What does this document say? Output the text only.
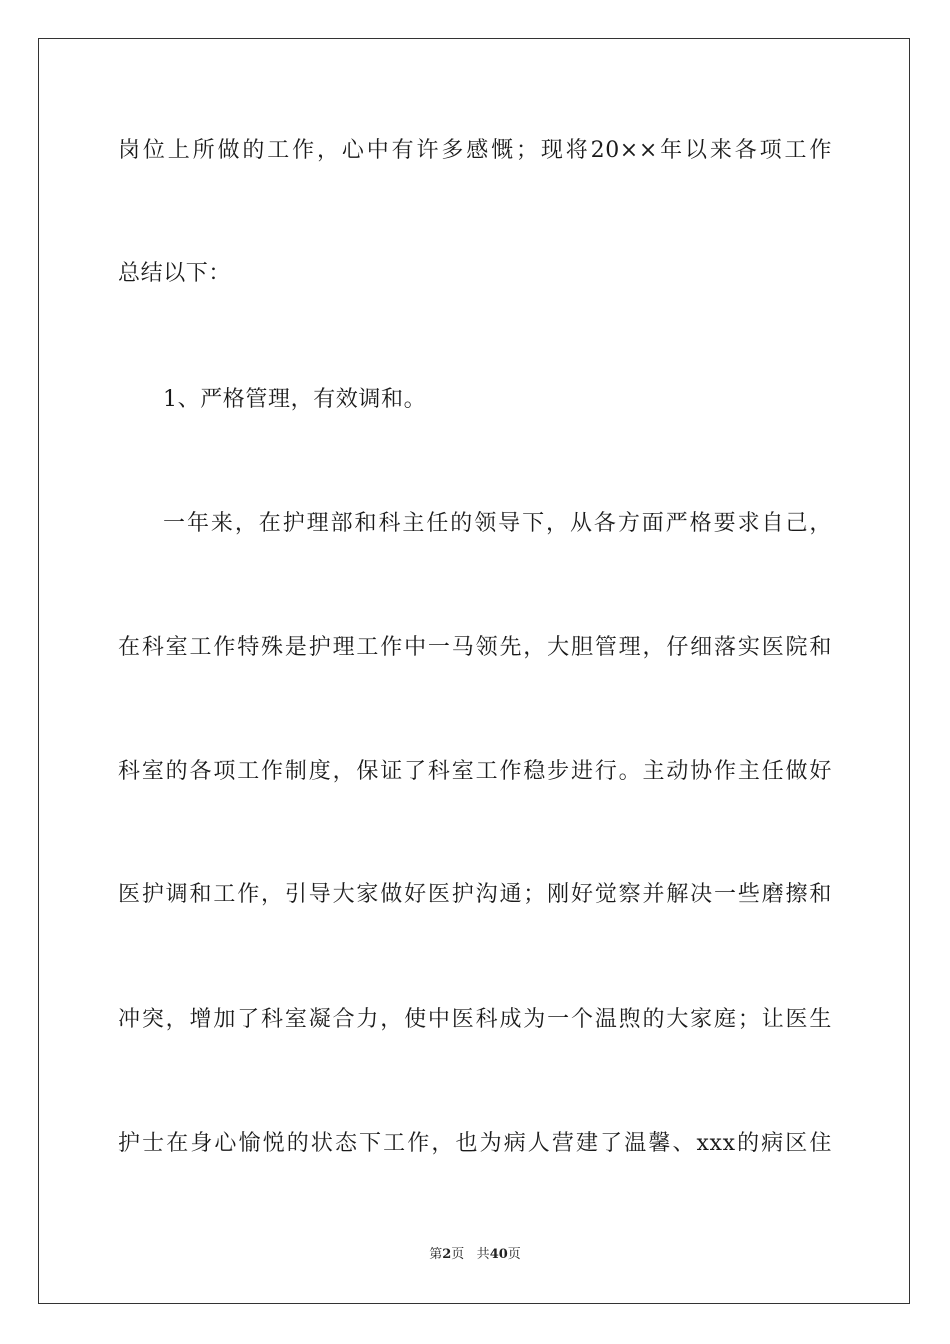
岗位上所做的工作，心中有许多感慨；现将20××年以来各项工作
总结以下：
1、严格管理，有效调和。
一年来，在护理部和科主任的领导下，从各方面严格要求自己，
在科室工作特殊是护理工作中一马领先，大胆管理，仔细落实医院和
科室的各项工作制度，保证了科室工作稳步进行。主动协作主任做好
医护调和工作，引导大家做好医护沟通；刚好觉察并解决一些磨擦和
冲突，增加了科室凝合力，使中医科成为一个温煦的大家庭；让医生
护士在身心愉悦的状态下工作，也为病人营建了温馨、xxx的病区住
第2页 共40页
